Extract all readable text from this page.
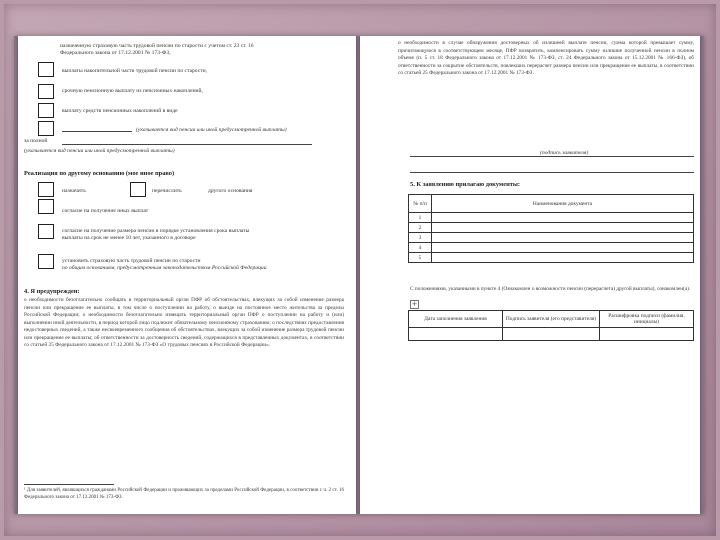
назначенную страховую часть трудовой пенсии по старости с учетом ст. 23 ст. 16
Федерального закона от 17.12.2001 № 173-ФЗ,
выплаты накопительной части трудовой пенсии по старости,
срочную пенсионную выплату из пенсионных накоплений,
выплату средств пенсионных накоплений в виде
(указывается вид пенсии или иной предусмотренной выплаты)
за полной
(указывается вид пенсии или иной предусмотренной выплаты)
Реализация по другому основанию (мое иное право)
назначить	перечислить	другого основания
согласие на получение иных выплат
согласие на получение размера пенсии в порядке установления срока выплаты
выплаты на срок не менее 10 лет, указанного в договоре
установить страховую часть трудовой пенсии по старости
по общим основаниям, предусмотренным законодательством Российской Федерации
4. Я предупрежден:
о необходимости безотлагательно сообщать в территориальный орган ПФР об обстоятельствах, влекущих за собой изменение размера пенсии или прекращение ее выплаты, в том числе о поступлении на работу, о выезде на постоянное место жительства за пределы Российской Федерации; о необходимости безотлагательно извещать территориальный орган ПФР о поступлении на работу и (или) выполнении иной деятельности, в период которой лицо подлежит обязательному пенсионному страхованию; о последствиях предоставления недостоверных сведений, а также несвоевременного сообщения об обстоятельствах, влекущих за собой изменение размера трудовой пенсии или прекращение ее выплаты; об ответственности за достоверность сведений, содержащихся в представленных документах, в соответствии со статьей 25 Федерального закона от 17.12.2001 № 173-ФЗ «О трудовых пенсиях в Российской Федерации».
¹ Для заявителей, являющихся гражданами Российской Федерации и проживающих за пределами Российской Федерации, в соответствии с ч. 2 ст. 16 Федерального закона от 17.12.2001 № 173-ФЗ.
о необходимости в случае обнаружения достоверных об излишней выплате пенсии, сумма которой превышает сумму, причитающуюся в соответствующем месяце, ПФР возвратить, компенсировать сумму излишне полученной пенсии в полном объеме (п. 5 ст. 18 Федерального закона от 17.12.2001 № 173-ФЗ, ст. 24 Федерального закона от 15.12.2001 № 166-ФЗ), об ответственности за сокрытие обстоятельств, повлекших перерасчет размера пенсии или прекращение ее выплаты, в соответствии со статьей 25 Федерального закона от 17.12.2001 № 173-ФЗ.
(подпись заявителя)
5. К заявлению прилагаю документы:
№ п/п	Наименования документа
1	
2	
3	
4	
5	
С положениями, указанными в пункте 4 (Ознакомлен о возможности пенсии (перерасчета) другой выплаты), ознакомлен(а).
+
Дата заполнения заявления	Подпись заявителя (его представителя)	Расшифровка подписи (фамилия, инициалы)
